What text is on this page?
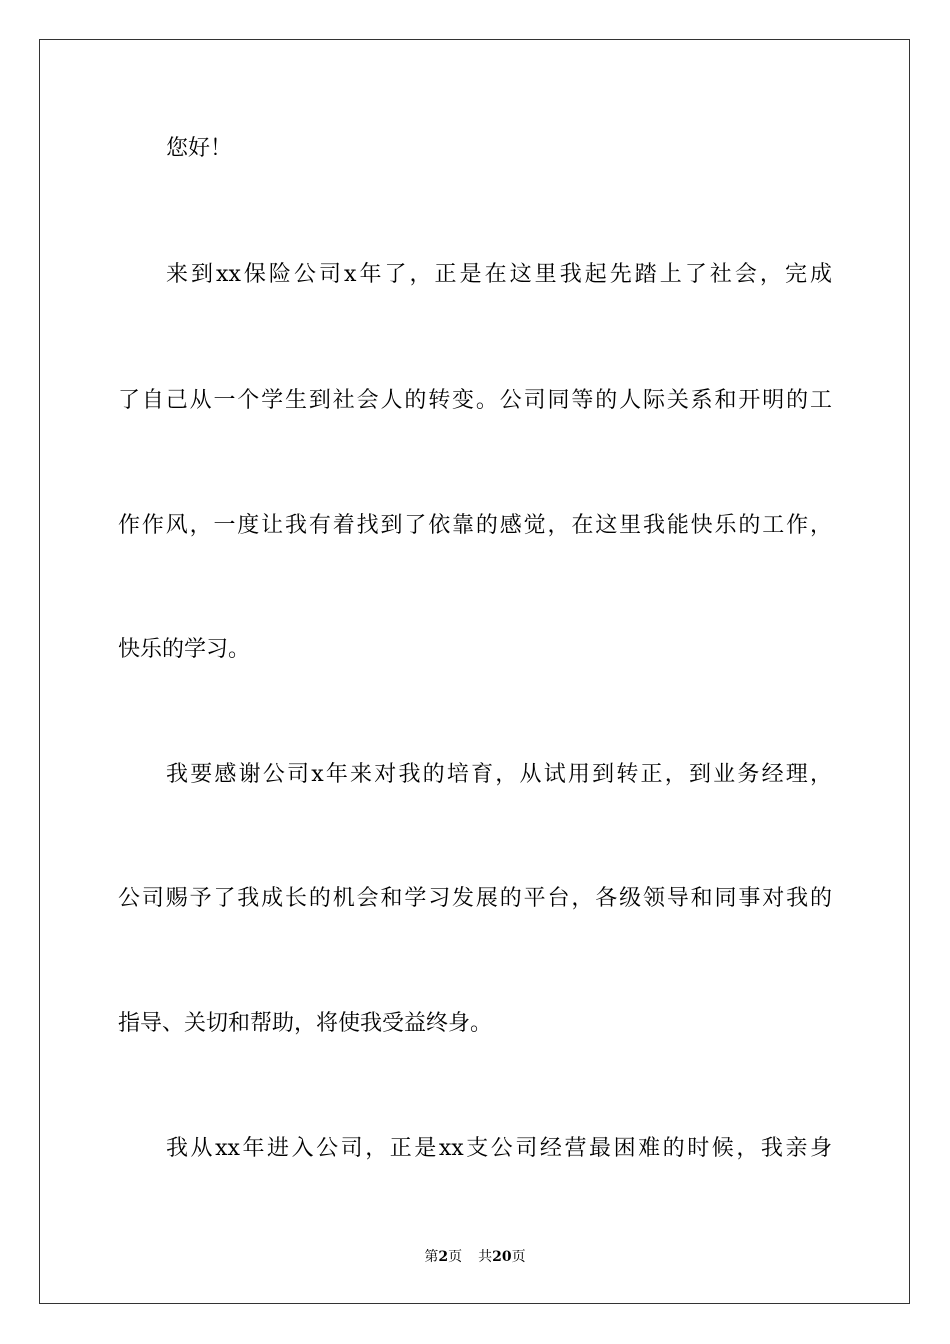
您好！
来到xx保险公司x年了，正是在这里我起先踏上了社会，完成
了自己从一个学生到社会人的转变。公司同等的人际关系和开明的工
作作风，一度让我有着找到了依靠的感觉，在这里我能快乐的工作，
快乐的学习。
我要感谢公司x年来对我的培育，从试用到转正，到业务经理，
公司赐予了我成长的机会和学习发展的平台，各级领导和同事对我的
指导、关切和帮助，将使我受益终身。
我从xx年进入公司，正是xx支公司经营最困难的时候，我亲身
第2页 共20页
